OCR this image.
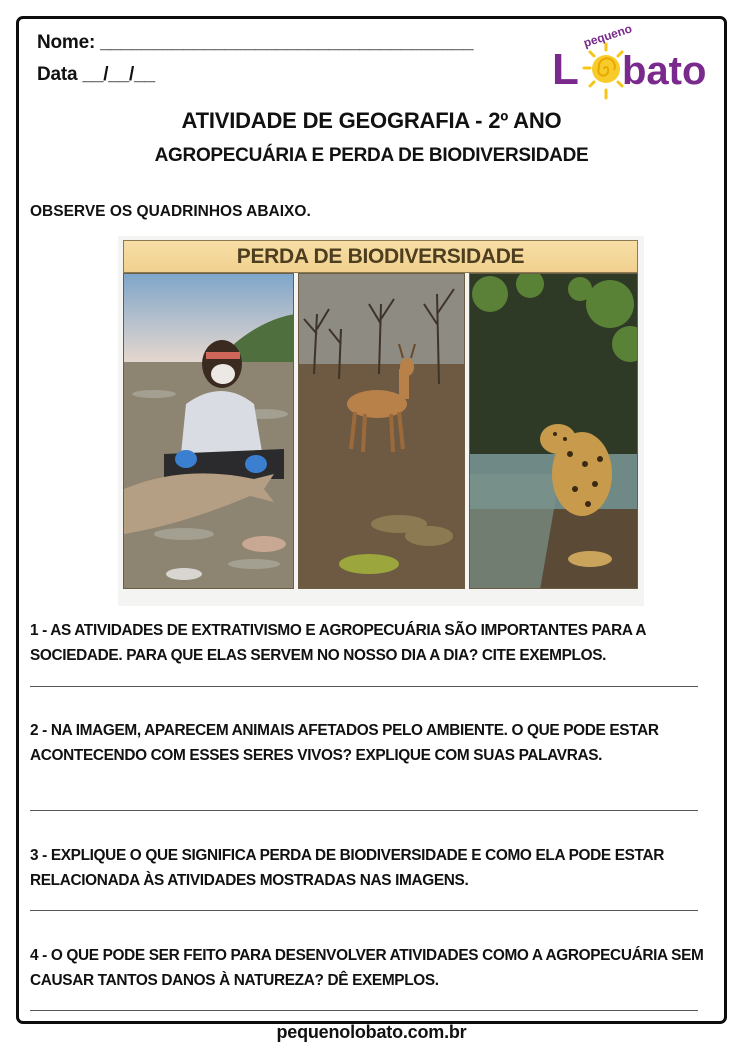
Nome: ____________________________________
Data __/__/__
pequeno
L bato
ATIVIDADE DE GEOGRAFIA - 2º ANO
AGROPECUÁRIA E PERDA DE BIODIVERSIDADE
OBSERVE OS QUADRINHOS ABAIXO.
PERDA DE BIODIVERSIDADE
1 - AS ATIVIDADES DE EXTRATIVISMO E AGROPECUÁRIA SÃO IMPORTANTES PARA A SOCIEDADE. PARA QUE ELAS SERVEM NO NOSSO DIA A DIA? CITE EXEMPLOS.
2 - NA IMAGEM, APARECEM ANIMAIS AFETADOS PELO AMBIENTE. O QUE PODE ESTAR ACONTECENDO COM ESSES SERES VIVOS? EXPLIQUE COM SUAS PALAVRAS.
3 - EXPLIQUE O QUE SIGNIFICA PERDA DE BIODIVERSIDADE E COMO ELA PODE ESTAR RELACIONADA ÀS ATIVIDADES MOSTRADAS NAS IMAGENS.
4 - O QUE PODE SER FEITO PARA DESENVOLVER ATIVIDADES COMO A AGROPECUÁRIA SEM CAUSAR TANTOS DANOS À NATUREZA? DÊ EXEMPLOS.
pequenolobato.com.br
